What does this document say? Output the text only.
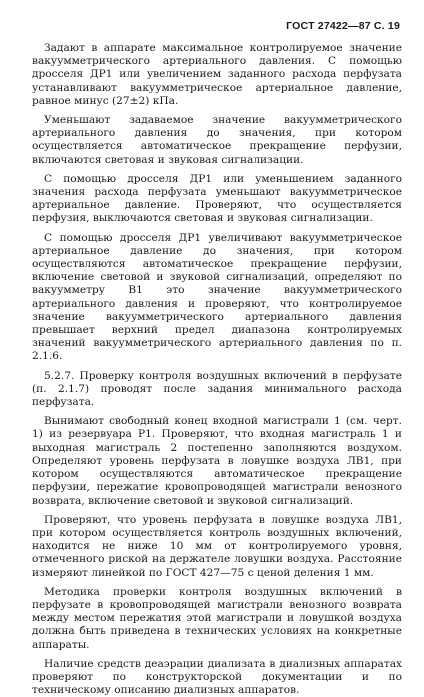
ГОСТ 27422—87 С. 19

Задают в аппарате максимальное контролируемое значение вакуумметрического артериального давления. С помощью дросселя ДР1 или увеличением заданного расхода перфузата устанавливают вакуумметрическое артериальное давление, равное минус (27±2) кПа.

Уменьшают задаваемое значение вакуумметрического артериального давления до значения, при котором осуществляется автоматическое прекращение перфузии, включаются световая и звуковая сигнализации.

С помощью дросселя ДР1 или уменьшением заданного значения расхода перфузата уменьшают вакуумметрическое артериальное давление. Проверяют, что осуществляется перфузия, выключаются световая и звуковая сигнализации.

С помощью дросселя ДР1 увеличивают вакуумметрическое артериальное давление до значения, при котором осуществляются автоматическое прекращение перфузии, включение световой и звуковой сигнализаций, определяют по вакуумметру В1 это значение вакуумметрического артериального давления и проверяют, что контролируемое значение вакуумметрического артериального давления превышает верхний предел диапазона контролируемых значений вакуумметрического артериального давления по п. 2.1.6.

5.2.7. Проверку контроля воздушных включений в перфузате (п. 2.1.7) проводят после задания минимального расхода перфузата.

Вынимают свободный конец входной магистрали 1 (см. черт. 1) из резервуара Р1. Проверяют, что входная магистраль 1 и выходная магистраль 2 постепенно заполняются воздухом. Определяют уровень перфузата в ловушке воздуха ЛВ1, при котором осуществляются автоматическое прекращение перфузии, пережатие кровопроводящей магистрали венозного возврата, включение световой и звуковой сигнализаций.

Проверяют, что уровень перфузата в ловушке воздуха ЛВ1, при котором осуществляется контроль воздушных включений, находится не ниже 10 мм от контролируемого уровня, отмеченного риской на держателе ловушки воздуха. Расстояние измеряют линейкой по ГОСТ 427—75 с ценой деления 1 мм.

Методика проверки контроля воздушных включений в перфузате в кровопроводящей магистрали венозного возврата между местом пережатия этой магистрали и ловушкой воздуха должна быть приведена в технических условиях на конкретные аппараты.

Наличие средств деаэрации диализата в диализных аппаратах проверяют по конструкторской документации и по техническому описанию диализных аппаратов.
